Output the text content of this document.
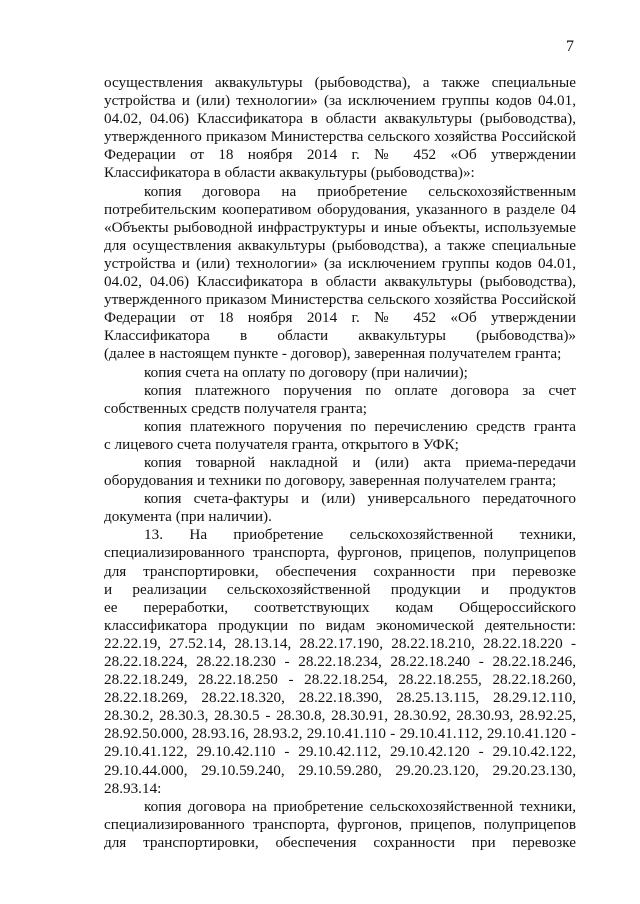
7
осуществления аквакультуры (рыбоводства), а также специальные
устройства и (или) технологии» (за исключением группы кодов 04.01,
04.02, 04.06) Классификатора в области аквакультуры (рыбоводства),
утвержденного приказом Министерства сельского хозяйства Российской
Федерации от 18 ноября 2014 г. № 452 «Об утверждении
Классификатора в области аквакультуры (рыбоводства)»:
копия договора на приобретение сельскохозяйственным
потребительским кооперативом оборудования, указанного в разделе 04
«Объекты рыбоводной инфраструктуры и иные объекты, используемые
для осуществления аквакультуры (рыбоводства), а также специальные
устройства и (или) технологии» (за исключением группы кодов 04.01,
04.02, 04.06) Классификатора в области аквакультуры (рыбоводства),
утвержденного приказом Министерства сельского хозяйства Российской
Федерации от 18 ноября 2014 г. № 452 «Об утверждении
Классификатора в области аквакультуры (рыбоводства)»
(далее в настоящем пункте - договор), заверенная получателем гранта;
копия счета на оплату по договору (при наличии);
копия платежного поручения по оплате договора за счет
собственных средств получателя гранта;
копия платежного поручения по перечислению средств гранта
с лицевого счета получателя гранта, открытого в УФК;
копия товарной накладной и (или) акта приема-передачи
оборудования и техники по договору, заверенная получателем гранта;
копия счета-фактуры и (или) универсального передаточного
документа (при наличии).
13. На приобретение сельскохозяйственной техники,
специализированного транспорта, фургонов, прицепов, полуприцепов
для транспортировки, обеспечения сохранности при перевозке
и реализации сельскохозяйственной продукции и продуктов
ее переработки, соответствующих кодам Общероссийского
классификатора продукции по видам экономической деятельности:
22.22.19, 27.52.14, 28.13.14, 28.22.17.190, 28.22.18.210, 28.22.18.220 -
28.22.18.224, 28.22.18.230 - 28.22.18.234, 28.22.18.240 - 28.22.18.246,
28.22.18.249, 28.22.18.250 - 28.22.18.254, 28.22.18.255, 28.22.18.260,
28.22.18.269, 28.22.18.320, 28.22.18.390, 28.25.13.115, 28.29.12.110,
28.30.2, 28.30.3, 28.30.5 - 28.30.8, 28.30.91, 28.30.92, 28.30.93, 28.92.25,
28.92.50.000, 28.93.16, 28.93.2, 29.10.41.110 - 29.10.41.112, 29.10.41.120 -
29.10.41.122, 29.10.42.110 - 29.10.42.112, 29.10.42.120 - 29.10.42.122,
29.10.44.000, 29.10.59.240, 29.10.59.280, 29.20.23.120, 29.20.23.130,
28.93.14:
копия договора на приобретение сельскохозяйственной техники,
специализированного транспорта, фургонов, прицепов, полуприцепов
для транспортировки, обеспечения сохранности при перевозке
